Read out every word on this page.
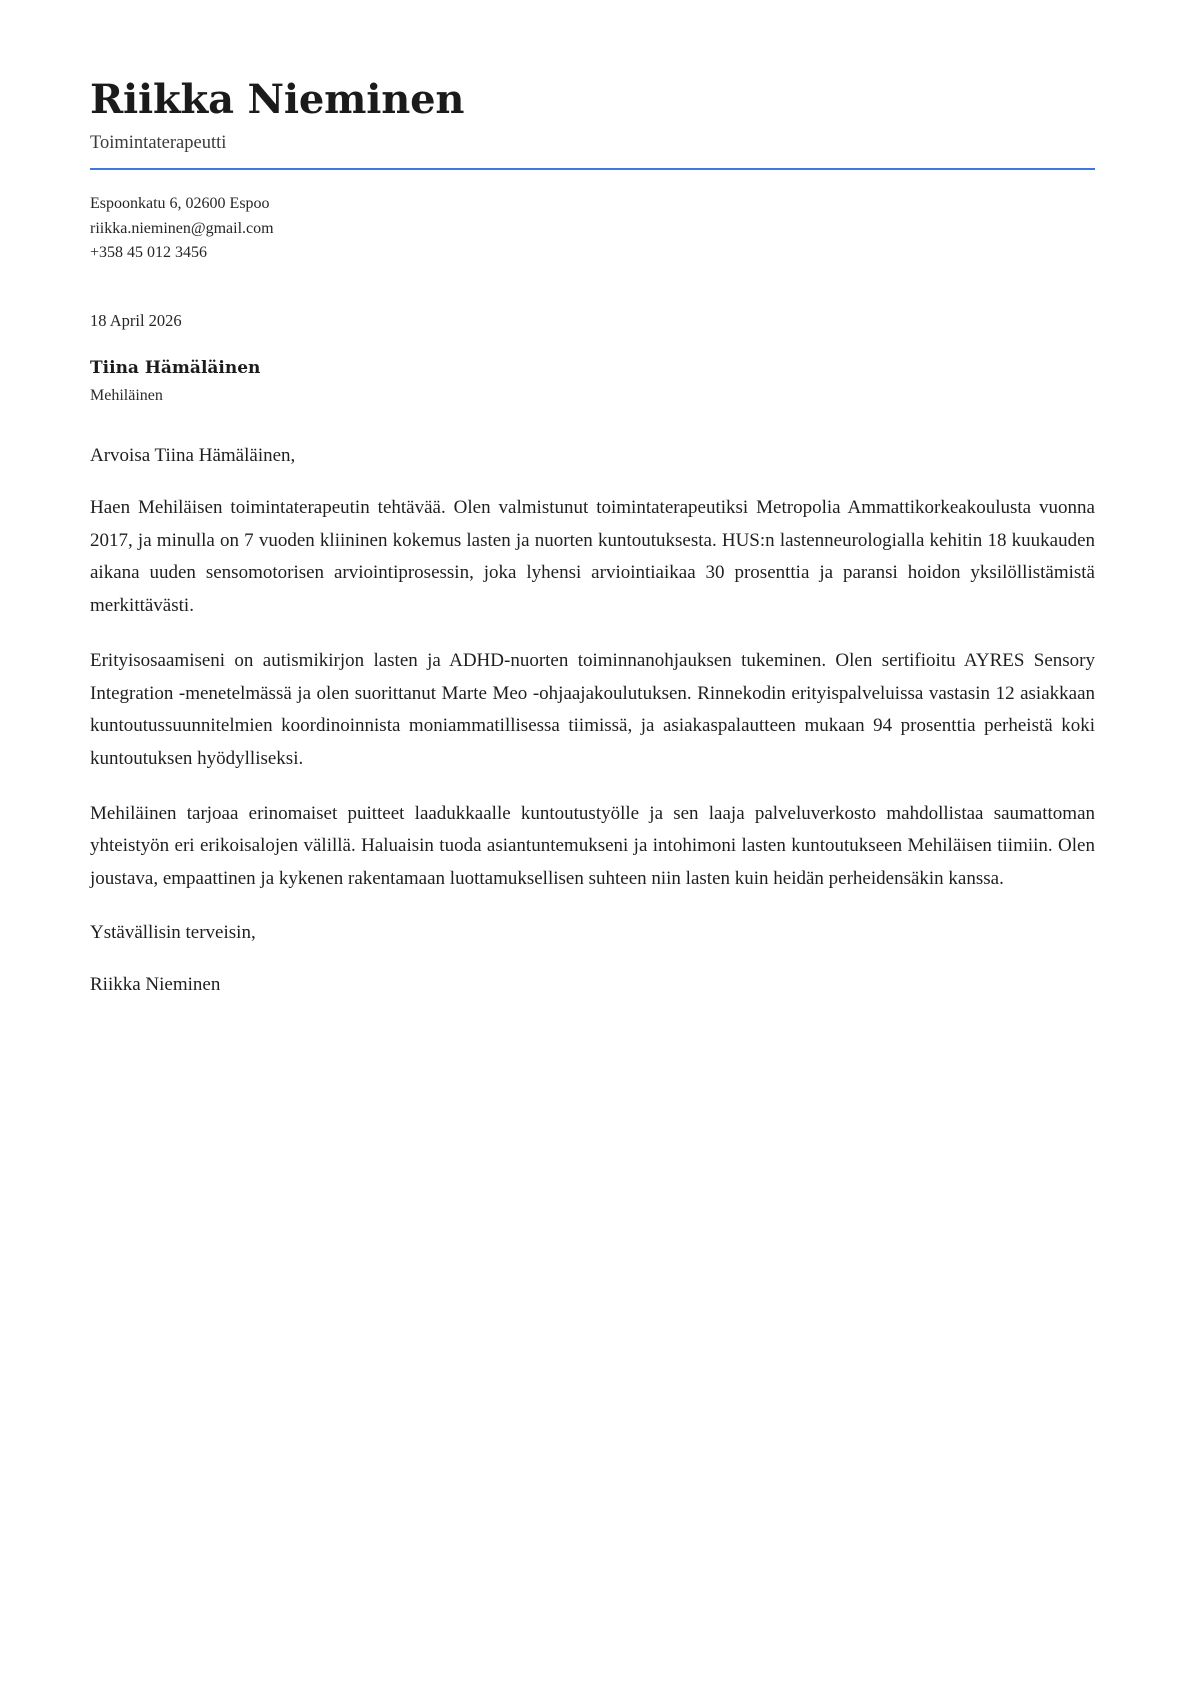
Riikka Nieminen
Toimintaterapeutti
Espoonkatu 6, 02600 Espoo
riikka.nieminen@gmail.com
+358 45 012 3456
18 April 2026
Tiina Hämäläinen
Mehiläinen
Arvoisa Tiina Hämäläinen,
Haen Mehiläisen toimintaterapeutin tehtävää. Olen valmistunut toimintaterapeutiksi Metropolia Ammattikorkeakoulusta vuonna 2017, ja minulla on 7 vuoden kliininen kokemus lasten ja nuorten kuntoutuksesta. HUS:n lastenneurologialla kehitin 18 kuukauden aikana uuden sensomotorisen arviointiprosessin, joka lyhensi arviointiaikaa 30 prosenttia ja paransi hoidon yksilöllistämistä merkittävästi.
Erityisosaamiseni on autismikirjon lasten ja ADHD-nuorten toiminnanohjauksen tukeminen. Olen sertifioitu AYRES Sensory Integration -menetelmässä ja olen suorittanut Marte Meo -ohjaajakoulutuksen. Rinnekodin erityispalveluissa vastasin 12 asiakkaan kuntoutussuunnitelmien koordinoinnista moniammatillisessa tiimissä, ja asiakaspalautteen mukaan 94 prosenttia perheistä koki kuntoutuksen hyödylliseksi.
Mehiläinen tarjoaa erinomaiset puitteet laadukkaalle kuntoutustyölle ja sen laaja palveluverkosto mahdollistaa saumattoman yhteistyön eri erikoisalojen välillä. Haluaisin tuoda asiantuntemukseni ja intohimoni lasten kuntoutukseen Mehiläisen tiimiin. Olen joustava, empaattinen ja kykenen rakentamaan luottamuksellisen suhteen niin lasten kuin heidän perheidensäkin kanssa.
Ystävällisin terveisin,
Riikka Nieminen
